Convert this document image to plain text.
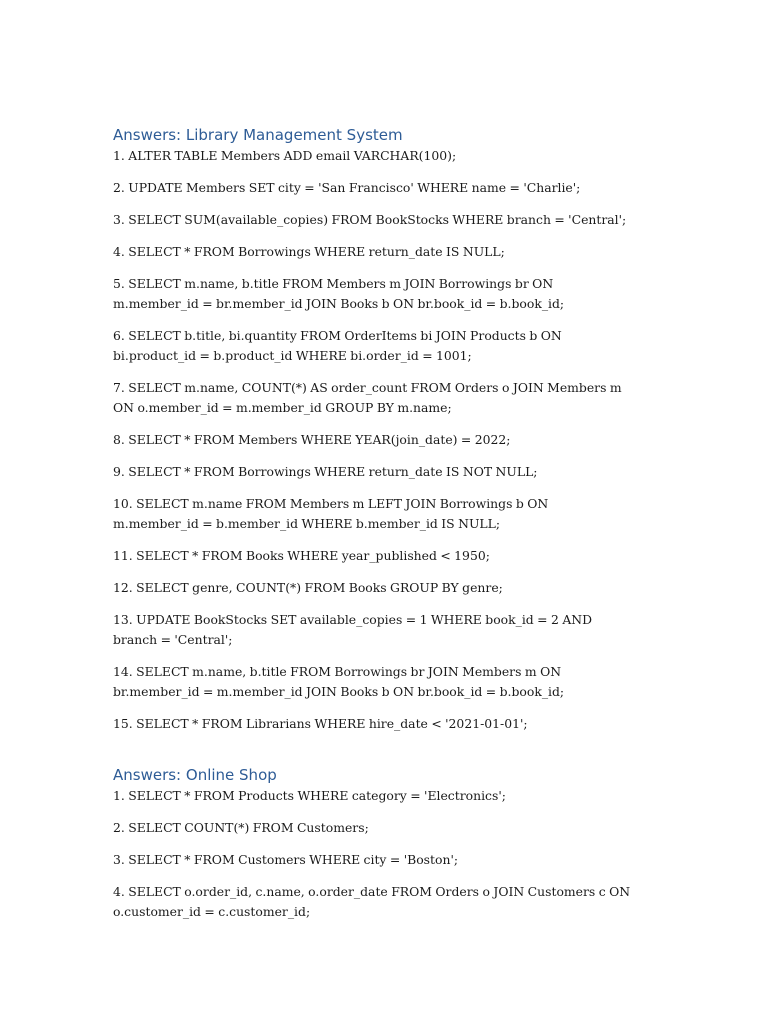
Answers: Library Management System
1. ALTER TABLE Members ADD email VARCHAR(100);
2. UPDATE Members SET city = 'San Francisco' WHERE name = 'Charlie';
3. SELECT SUM(available_copies) FROM BookStocks WHERE branch = 'Central';
4. SELECT * FROM Borrowings WHERE return_date IS NULL;
5. SELECT m.name, b.title FROM Members m JOIN Borrowings br ON m.member_id = br.member_id JOIN Books b ON br.book_id = b.book_id;
6. SELECT b.title, bi.quantity FROM OrderItems bi JOIN Products b ON bi.product_id = b.product_id WHERE bi.order_id = 1001;
7. SELECT m.name, COUNT(*) AS order_count FROM Orders o JOIN Members m ON o.member_id = m.member_id GROUP BY m.name;
8. SELECT * FROM Members WHERE YEAR(join_date) = 2022;
9. SELECT * FROM Borrowings WHERE return_date IS NOT NULL;
10. SELECT m.name FROM Members m LEFT JOIN Borrowings b ON m.member_id = b.member_id WHERE b.member_id IS NULL;
11. SELECT * FROM Books WHERE year_published < 1950;
12. SELECT genre, COUNT(*) FROM Books GROUP BY genre;
13. UPDATE BookStocks SET available_copies = 1 WHERE book_id = 2 AND branch = 'Central';
14. SELECT m.name, b.title FROM Borrowings br JOIN Members m ON br.member_id = m.member_id JOIN Books b ON br.book_id = b.book_id;
15. SELECT * FROM Librarians WHERE hire_date < '2021-01-01';
Answers: Online Shop
1. SELECT * FROM Products WHERE category = 'Electronics';
2. SELECT COUNT(*) FROM Customers;
3. SELECT * FROM Customers WHERE city = 'Boston';
4. SELECT o.order_id, c.name, o.order_date FROM Orders o JOIN Customers c ON o.customer_id = c.customer_id;
